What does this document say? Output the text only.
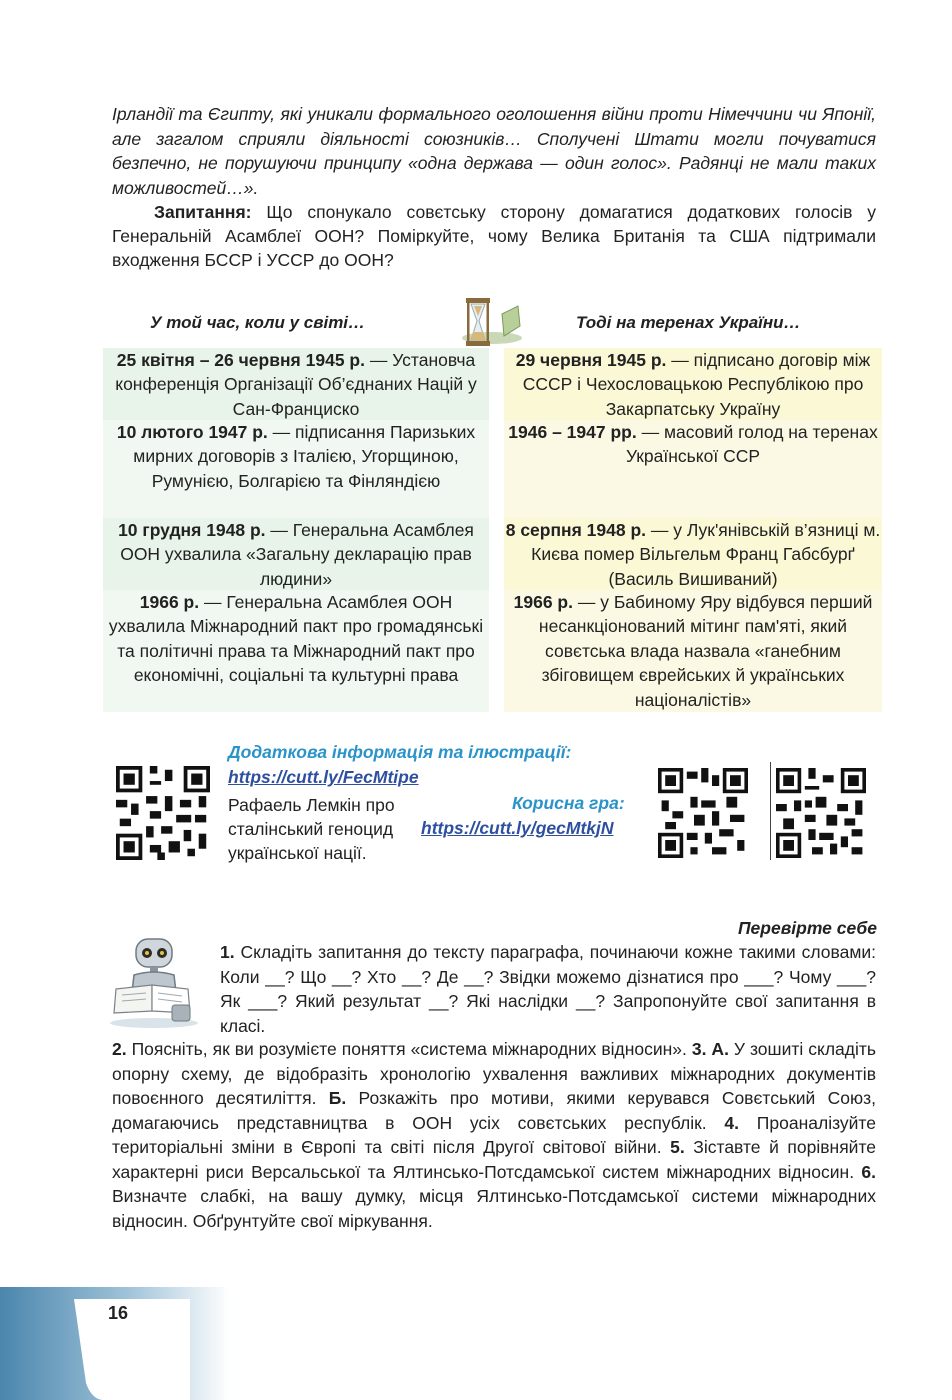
Ірландії та Єгипту, які уникали формального оголошення війни проти Німеччини чи Японії, але загалом сприяли діяльності союзників… Сполучені Штати могли почуватися безпечно, не порушуючи принципу «одна держава — один голос». Радянці не мали таких можливостей…».
Запитання: Що спонукало совєтську сторону домагатися додаткових голосів у Генеральній Асамблеї ООН? Поміркуйте, чому Велика Британія та США підтримали входження БССР і УССР до ООН?
У той час, коли у світі…	Тоді на теренах України…
25 квітня – 26 червня 1945 р. — Установча конференція Організації Об’єднаних Націй у Сан-Франциско
10 лютого 1947 р. — підписання Паризьких мирних договорів з Італією, Угорщиною, Румунією, Болгарією та Фінляндією
10 грудня 1948 р. — Генеральна Асамблея ООН ухвалила «Загальну декларацію прав людини»
1966 р. — Генеральна Асамблея ООН ухвалила Міжнародний пакт про громадянські та політичні права та Міжнародний пакт про економічні, соціальні та культурні права
29 червня 1945 р. — підписано договір між СССР і Чехословацькою Республікою про Закарпатську Україну
1946 – 1947 рр. — масовий голод на теренах Української ССР
8 серпня 1948 р. — у Лук'янівській в’язниці м. Києва помер Вільгельм Франц Габсбурґ (Василь Вишиваний)
1966 р. — у Бабиному Яру відбувся перший несанкціонований мітинг пам'яті, який совєтська влада назвала «ганебним збіговищем єврейських й українських націоналістів»
Додаткова інформація та ілюстрації:
https://cutt.ly/FecMtipe
Рафаель Лемкін про сталінський геноцид української нації.
Корисна гра:
https://cutt.ly/gecMtkjN
Перевірте себе
1. Складіть запитання до тексту параграфа, починаючи кожне такими словами: Коли __? Що __? Хто __? Де __? Звідки можемо дізнатися про ___? Чому ___? Як ___? Який результат __? Які наслідки __? Запропонуйте свої запитання в класі.
2. Поясніть, як ви розумієте поняття «система міжнародних відносин». 3. А. У зошиті складіть опорну схему, де відобразіть хронологію ухвалення важливих міжнародних документів повоєнного десятиліття. Б. Розкажіть про мотиви, якими керувався Совєтський Союз, домагаючись представництва в ООН усіх совєтських республік. 4. Проаналізуйте територіальні зміни в Європі та світі після Другої світової війни. 5. Зіставте й порівняйте характерні риси Версальської та Ялтинсько-Потсдамської систем міжнародних відносин. 6. Визначте слабкі, на вашу думку, місця Ялтинсько-Потсдамської системи міжнародних відносин. Обґрунтуйте свої міркування.
16
